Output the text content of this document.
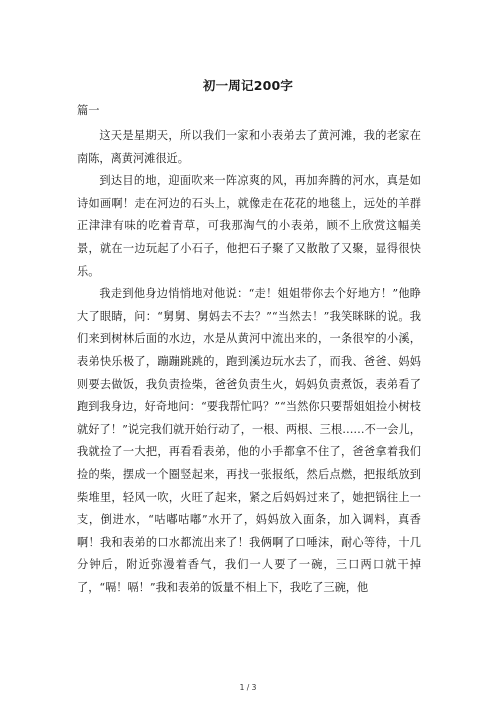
初一周记200字
篇一

这天是星期天，所以我们一家和小表弟去了黄河滩，我的老家在南陈，离黄河滩很近。

到达目的地，迎面吹来一阵凉爽的风，再加奔腾的河水，真是如诗如画啊！走在河边的石头上，就像走在花花的地毯上，远处的羊群正津津有味的吃着青草，可我那淘气的小表弟，顾不上欣赏这幅美景，就在一边玩起了小石子，他把石子聚了又散散了又聚，显得很快乐。

我走到他身边悄悄地对他说：“走！姐姐带你去个好地方！”他睁大了眼睛，问：“舅舅、舅妈去不去？”“当然去！”我笑眯眯的说。我们来到树林后面的水边，水是从黄河中流出来的，一条很窄的小溪，表弟快乐极了，蹦蹦跳跳的，跑到溪边玩水去了，而我、爸爸、妈妈则要去做饭，我负责捡柴，爸爸负责生火，妈妈负责煮饭，表弟看了跑到我身边，好奇地问：“要我帮忙吗？”“当然你只要帮姐姐捡小树枝就好了！”说完我们就开始行动了，一根、两根、三根……不一会儿，我就捡了一大把，再看看表弟，他的小手都拿不住了，爸爸拿着我们捡的柴，摆成一个圈竖起来，再找一张报纸，然后点燃，把报纸放到柴堆里，轻风一吹，火旺了起来，紧之后妈妈过来了，她把锅往上一支，倒进水，“咕嘟咕嘟”水开了，妈妈放入面条，加入调料，真香啊！我和表弟的口水都流出来了！我俩啊了口唾沫，耐心等待，十几分钟后，附近弥漫着香气，我们一人要了一碗，三口两口就干掉了，“嗝！嗝！”我和表弟的饭量不相上下，我吃了三碗，他

1 / 3
